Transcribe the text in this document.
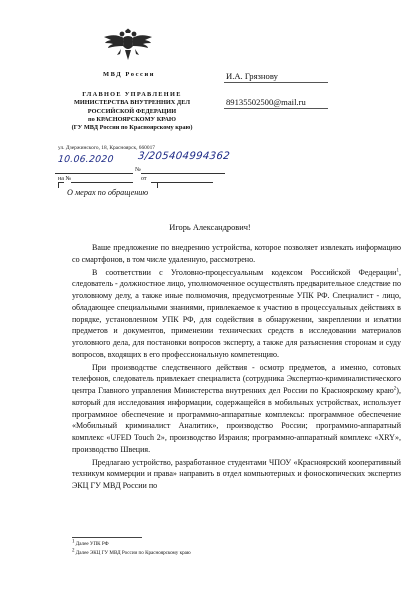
МВД России
ГЛАВНОЕ УПРАВЛЕНИЕ
МИНИСТЕРСТВА ВНУТРЕННИХ ДЕЛ
РОССИЙСКОЙ ФЕДЕРАЦИИ
по КРАСНОЯРСКОМУ КРАЮ
(ГУ МВД России по Красноярскому краю)
ул. Дзержинского, 18, Красноярск, 660017
10.06.2020 3/205404994362
№
на №	от
О мерах по обращению
И.А. Грязнову
89135502500@mail.ru
Игорь Александрович!

Ваше предложение по внедрению устройства, которое позволяет извлекать информацию со смартфонов, в том числе удаленную, рассмотрено.

В соответствии с Уголовно-процессуальным кодексом Российской Федерации$^1$, следователь - должностное лицо, уполномоченное осуществлять предварительное следствие по уголовному делу, а также иные полномочия, предусмотренные УПК РФ. Специалист - лицо, обладающее специальными знаниями, привлекаемое к участию в процессуальных действиях в порядке, установленном УПК РФ, для содействия в обнаружении, закреплении и изъятии предметов и документов, применении технических средств в исследовании материалов уголовного дела, для постановки вопросов эксперту, а также для разъяснения сторонам и суду вопросов, входящих в его профессиональную компетенцию.

При производстве следственного действия - осмотр предметов, а именно, сотовых телефонов, следователь привлекает специалиста (сотрудника Экспертно-криминалистического центра Главного управления Министерства внутренних дел России по Красноярскому краю$^2$), который для исследования информации, содержащейся в мобильных устройствах, использует программное обеспечение и программно-аппаратные комплексы: программное обеспечение «Мобильный криминалист Аналитик», производство России; программно-аппаратный комплекс «UFED Touch 2», производство Израиля; программно-аппаратный комплекс «XRY», производство Швеция.

Предлагаю устройство, разработанное студентами ЧПОУ «Красноярский кооперативный техникум коммерции и права» направить в отдел компьютерных и фоноскопических экспертиз ЭКЦ ГУ МВД России по

$^1$ Далее УПК РФ
$^2$ Далее ЭКЦ ГУ МВД России по Красноярскому краю
